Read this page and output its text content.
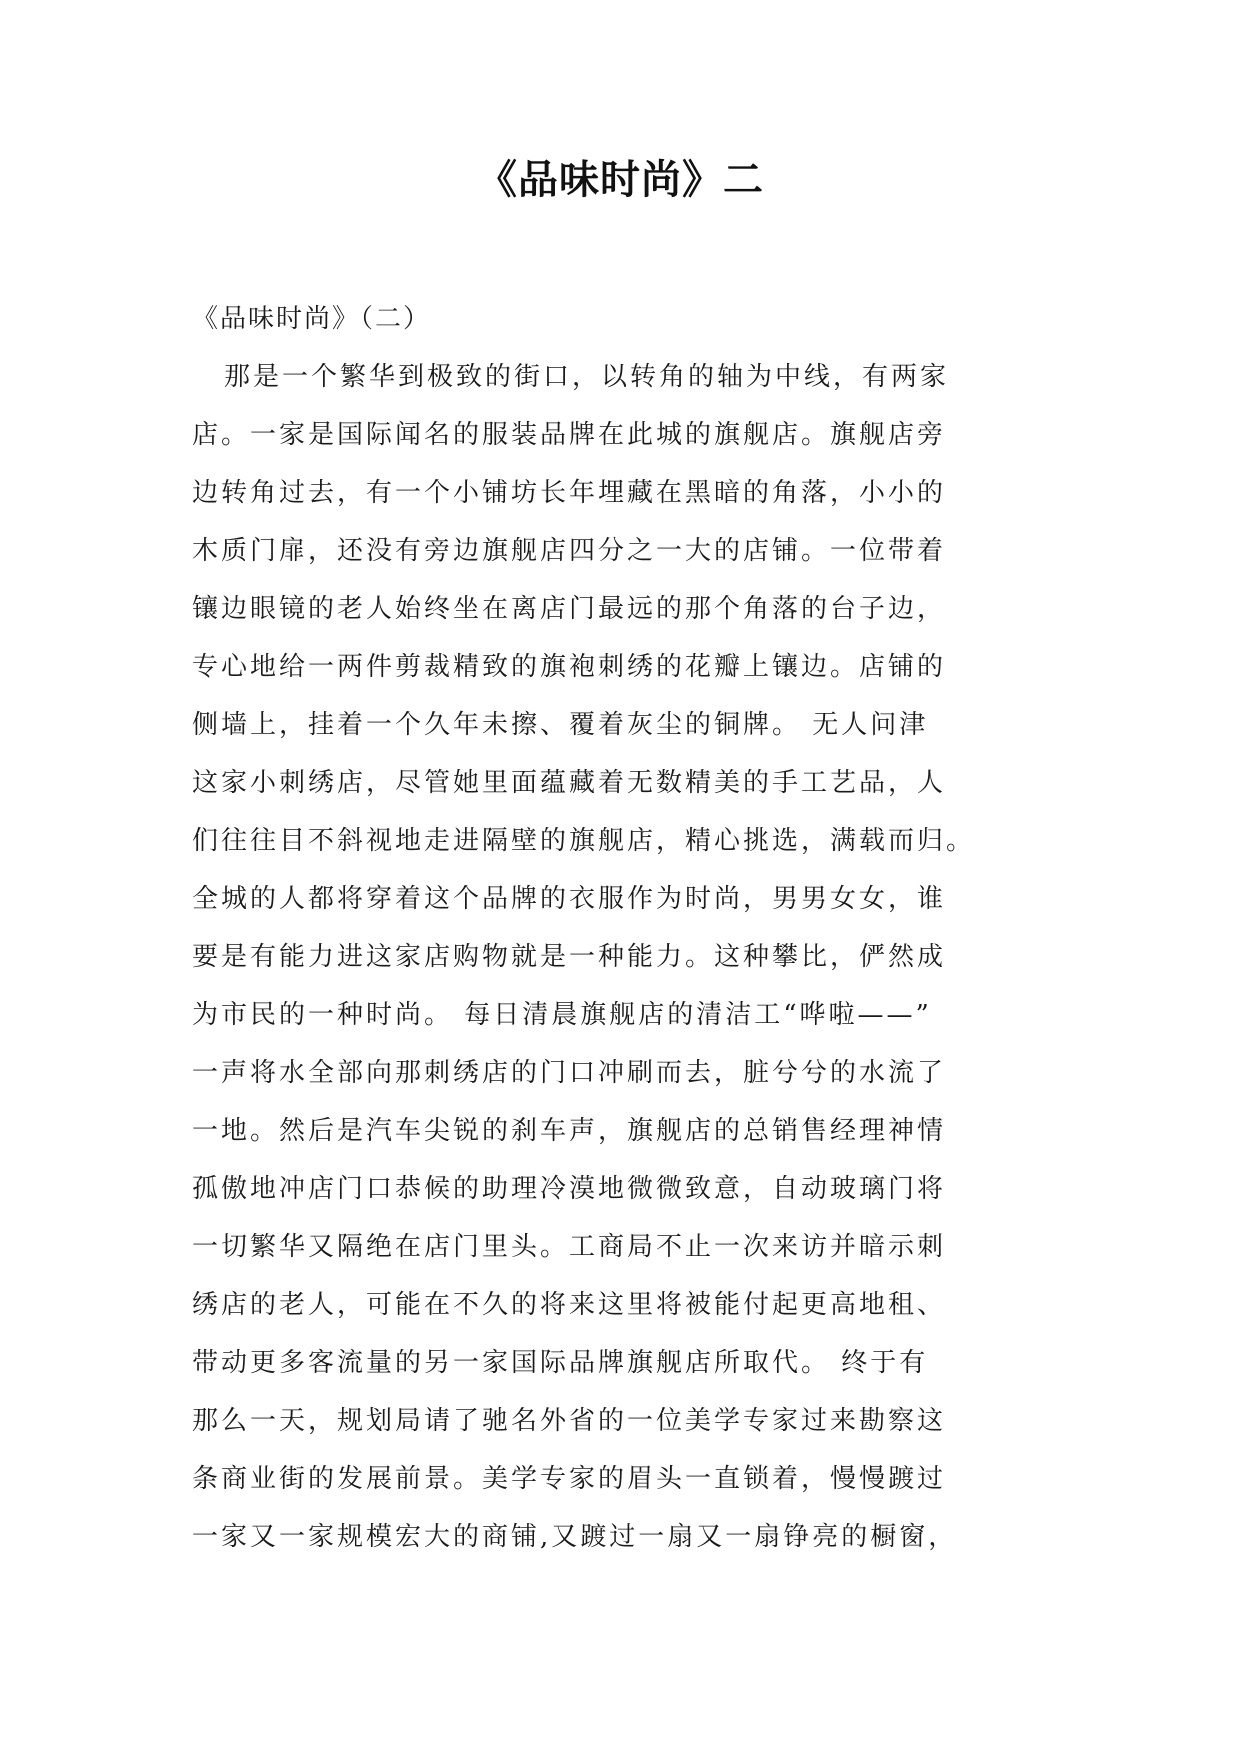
《品味时尚》二

《品味时尚》（二）

那是一个繁华到极致的街口，以转角的轴为中线，有两家
店。一家是国际闻名的服装品牌在此城的旗舰店。旗舰店旁
边转角过去，有一个小铺坊长年埋藏在黑暗的角落，小小的
木质门扉，还没有旁边旗舰店四分之一大的店铺。一位带着
镶边眼镜的老人始终坐在离店门最远的那个角落的台子边，
专心地给一两件剪裁精致的旗袍刺绣的花瓣上镶边。店铺的
侧墙上，挂着一个久年未擦、覆着灰尘的铜牌。 无人问津
这家小刺绣店，尽管她里面蕴藏着无数精美的手工艺品，人
们往往目不斜视地走进隔壁的旗舰店，精心挑选，满载而归。
全城的人都将穿着这个品牌的衣服作为时尚，男男女女，谁
要是有能力进这家店购物就是一种能力。这种攀比，俨然成
为市民的一种时尚。 每日清晨旗舰店的清洁工“哗啦——”
一声将水全部向那刺绣店的门口冲刷而去，脏兮兮的水流了
一地。然后是汽车尖锐的刹车声，旗舰店的总销售经理神情
孤傲地冲店门口恭候的助理冷漠地微微致意，自动玻璃门将
一切繁华又隔绝在店门里头。工商局不止一次来访并暗示刺
绣店的老人，可能在不久的将来这里将被能付起更高地租、
带动更多客流量的另一家国际品牌旗舰店所取代。 终于有
那么一天，规划局请了驰名外省的一位美学专家过来勘察这
条商业街的发展前景。美学专家的眉头一直锁着，慢慢踱过
一家又一家规模宏大的商铺,又踱过一扇又一扇铮亮的橱窗，
